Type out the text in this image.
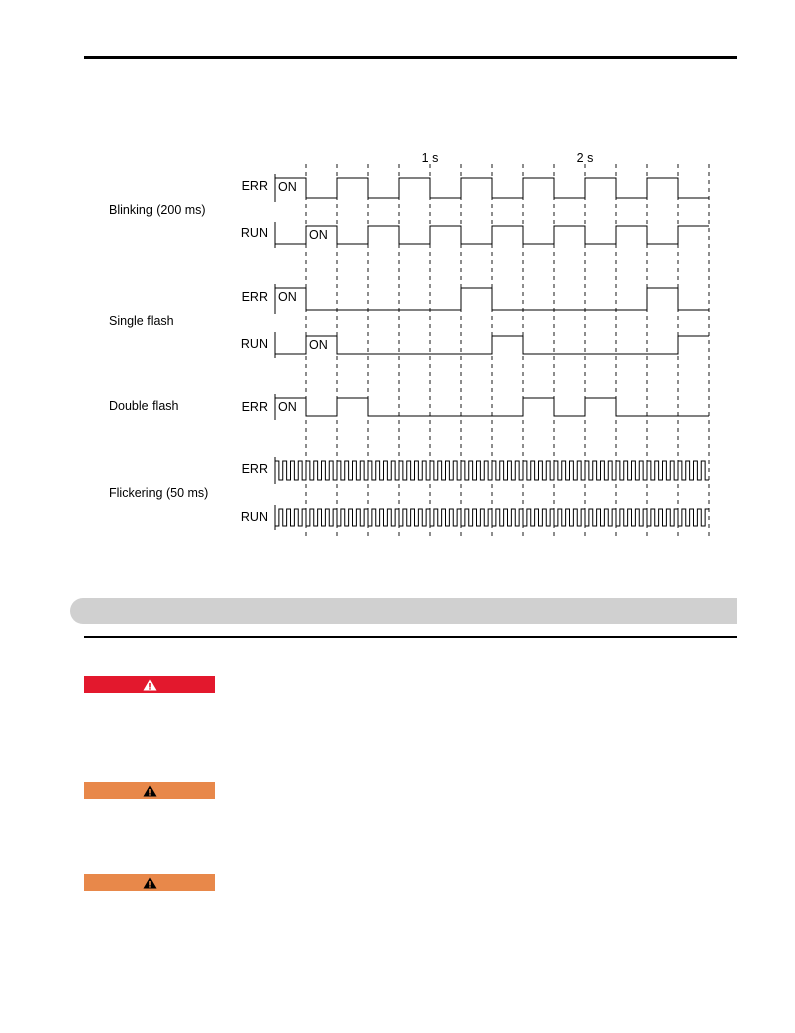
1 s	2 s
Blinking (200 ms)
ERR ON
RUN	ON
Single flash
ERR ON
RUN	ON
Double flash	ERR ON
Flickering (50 ms)
ERR
RUN
